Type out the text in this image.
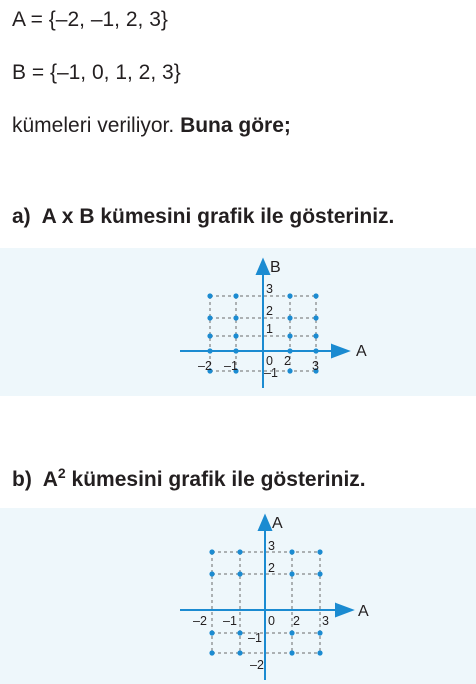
A = {–2, –1, 2, 3}
B = {–1, 0, 1, 2, 3}
kümeleri veriliyor. Buna göre;
a) A x B kümesini grafik ile gösteriniz.
A
B
–2 –1 0 2 3
3
2
1
–1
b) $A^2$ kümesini grafik ile gösteriniz.
A
A
–2 –1 0 2 3
3
2
–1
–2
